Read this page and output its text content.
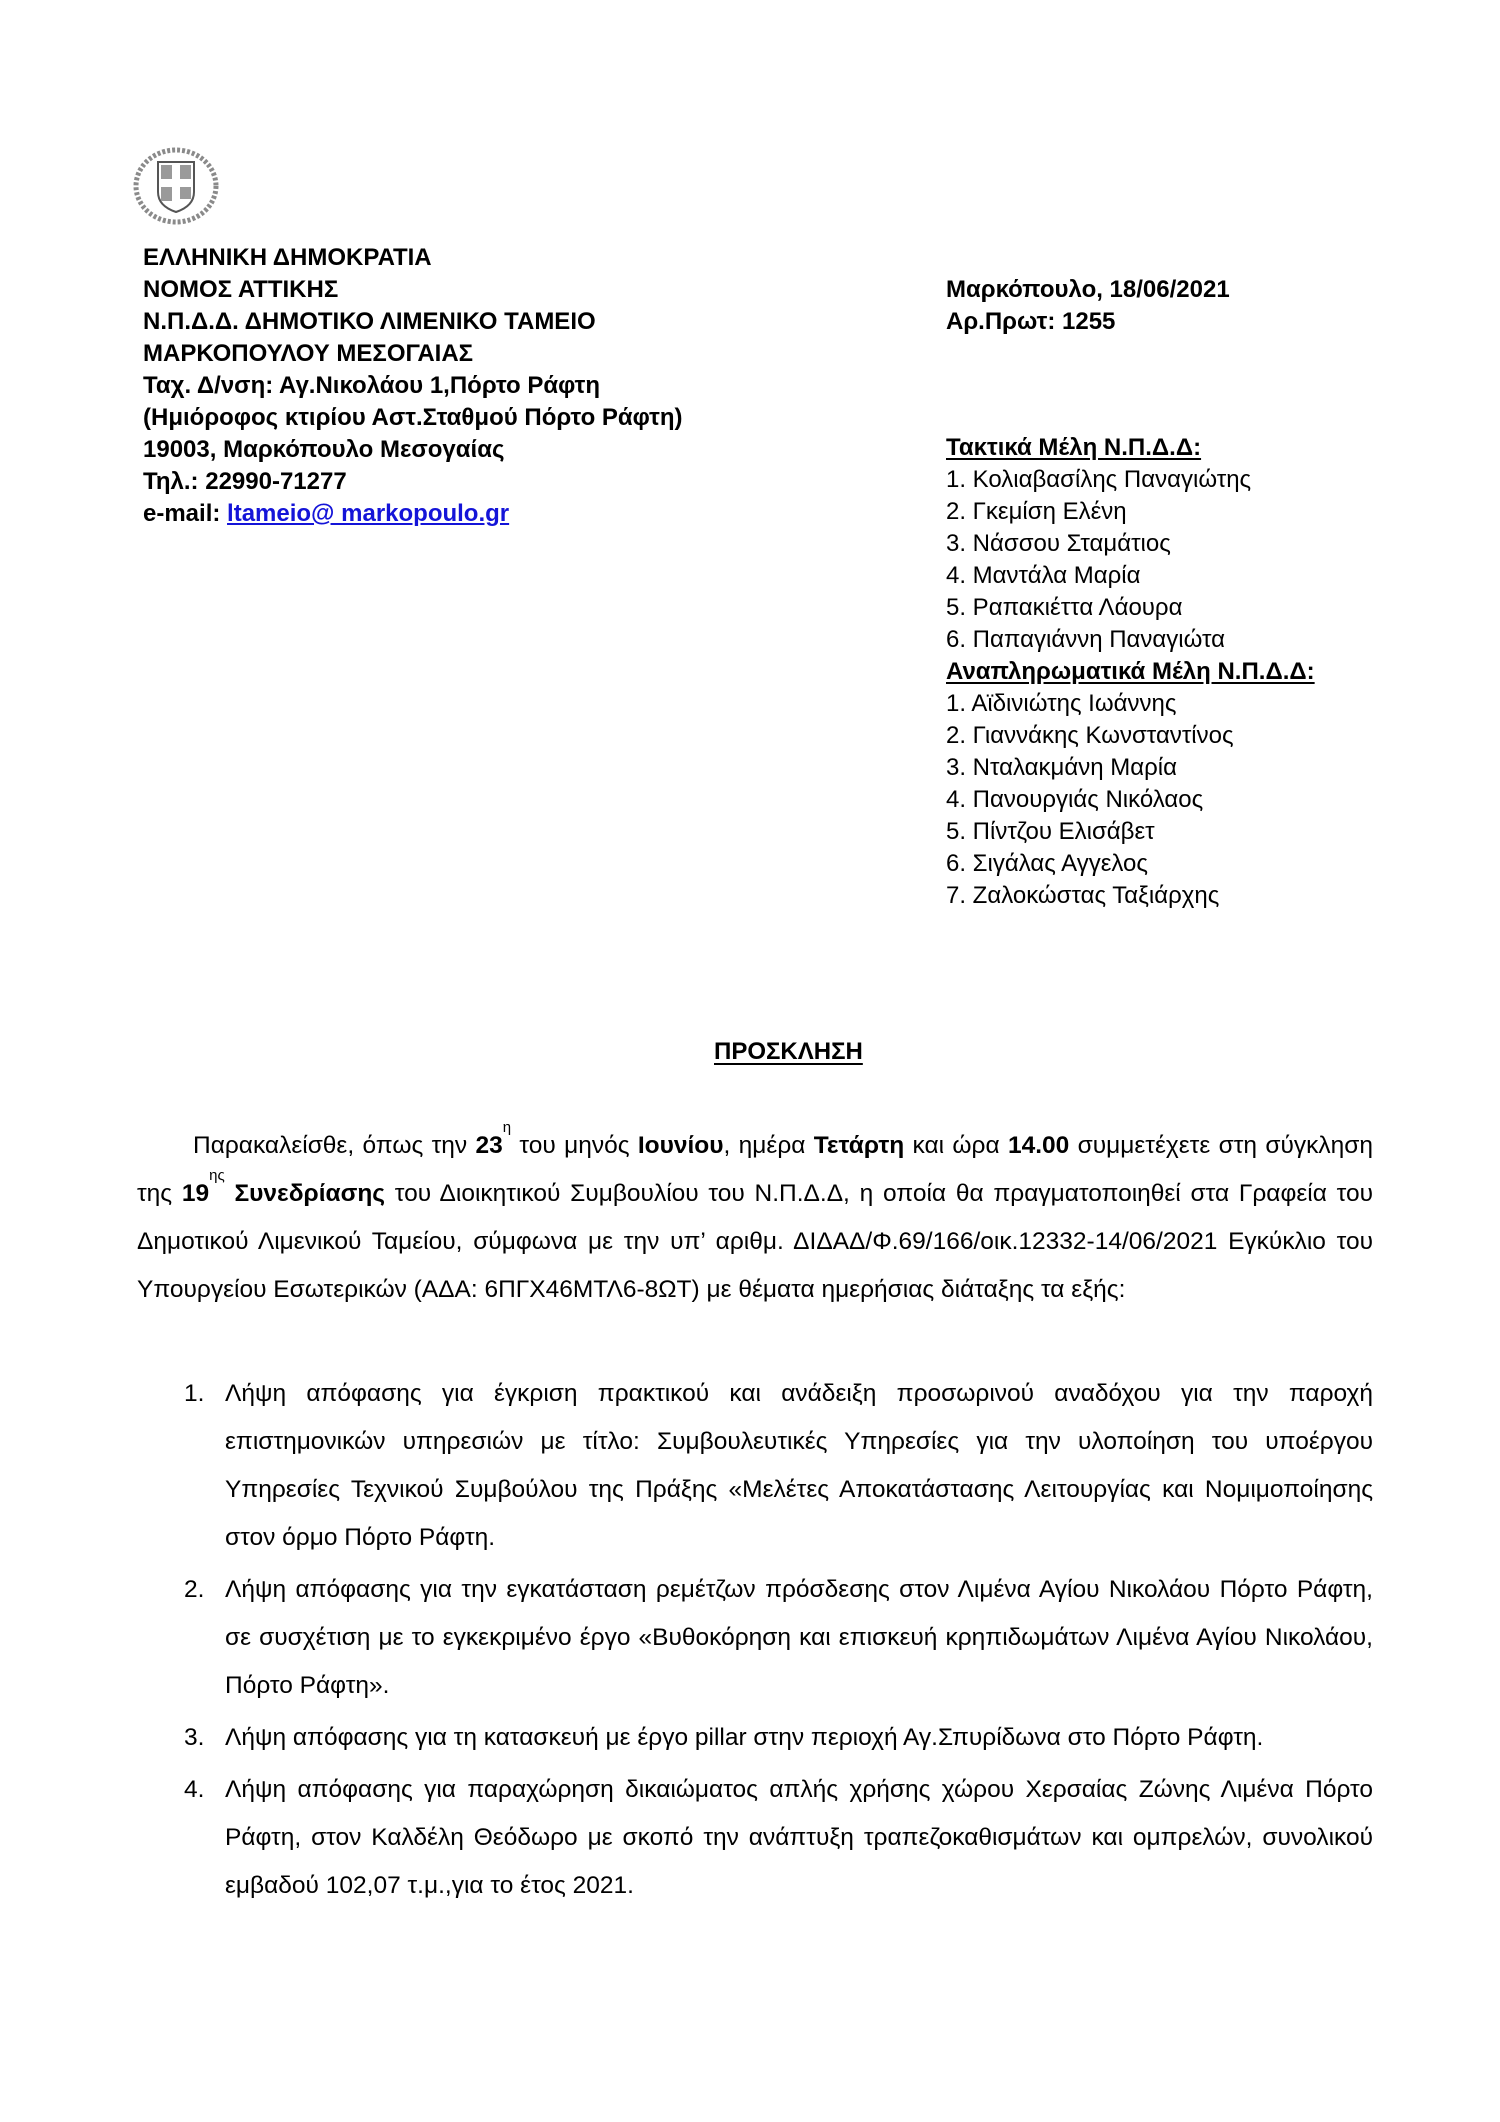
ΕΛΛΗΝΙΚΗ ΔΗΜΟΚΡΑΤΙΑ
ΝΟΜΟΣ ΑΤΤΙΚΗΣ
Ν.Π.Δ.Δ. ΔΗΜΟΤΙΚΟ ΛΙΜΕΝΙΚΟ ΤΑΜΕΙΟ
ΜΑΡΚΟΠΟΥΛΟΥ ΜΕΣΟΓΑΙΑΣ
Ταχ. Δ/νση: Αγ.Νικολάου 1,Πόρτο Ράφτη
(Ημιόροφος κτιρίου Αστ.Σταθμού Πόρτο Ράφτη)
19003, Μαρκόπουλο Μεσογαίας
Τηλ.: 22990-71277
e-mail: ltameio@ markopoulo.gr
Μαρκόπουλο, 18/06/2021
Αρ.Πρωτ: 1255
Τακτικά Μέλη Ν.Π.Δ.Δ:
1. Κολιαβασίλης Παναγιώτης
2. Γκεμίση Ελένη
3. Νάσσου Σταμάτιος
4. Μαντάλα Μαρία
5. Ραπακιέττα Λάουρα
6. Παπαγιάννη Παναγιώτα
Αναπληρωματικά Μέλη Ν.Π.Δ.Δ:
1. Αϊδινιώτης Ιωάννης
2. Γιαννάκης Κωνσταντίνος
3. Νταλακμάνη Μαρία
4. Πανουργιάς Νικόλαος
5. Πίντζου Ελισάβετ
6. Σιγάλας Αγγελος
7. Ζαλοκώστας Ταξιάρχης
ΠΡΟΣΚΛΗΣΗ
Παρακαλείσθε, όπως την $23^\eta$ του μηνός Ιουνίου, ημέρα Τετάρτη και ώρα 14.00 συμμετέχετε στη σύγκληση της $19^{\eta\varsigma}$ Συνεδρίασης του Διοικητικού Συμβουλίου του Ν.Π.Δ.Δ, η οποία θα πραγματοποιηθεί στα Γραφεία του Δημοτικού Λιμενικού Ταμείου, σύμφωνα με την υπ’ αριθμ. ΔΙΔΑΔ/Φ.69/166/οικ.12332-14/06/2021 Εγκύκλιο του Υπουργείου Εσωτερικών (ΑΔΑ: 6ΠΓΧ46ΜΤΛ6-8ΩΤ) με θέματα ημερήσιας διάταξης τα εξής:
1. Λήψη απόφασης για έγκριση πρακτικού και ανάδειξη προσωρινού αναδόχου για την παροχή επιστημονικών υπηρεσιών με τίτλο: Συμβουλευτικές Υπηρεσίες για την υλοποίηση του υποέργου Υπηρεσίες Τεχνικού Συμβούλου της Πράξης «Μελέτες Αποκατάστασης Λειτουργίας και Νομιμοποίησης στον όρμο Πόρτο Ράφτη.
2. Λήψη απόφασης για την εγκατάσταση ρεμέτζων πρόσδεσης στον Λιμένα Αγίου Νικολάου Πόρτο Ράφτη, σε συσχέτιση με το εγκεκριμένο έργο «Βυθοκόρηση και επισκευή κρηπιδωμάτων Λιμένα Αγίου Νικολάου, Πόρτο Ράφτη».
3. Λήψη απόφασης για τη κατασκευή με έργο pillar στην περιοχή Αγ.Σπυρίδωνα στο Πόρτο Ράφτη.
4. Λήψη απόφασης για παραχώρηση δικαιώματος απλής χρήσης χώρου Χερσαίας Ζώνης Λιμένα Πόρτο Ράφτη, στον Καλδέλη Θεόδωρο με σκοπό την ανάπτυξη τραπεζοκαθισμάτων και ομπρελών, συνολικού εμβαδού 102,07 τ.μ.,για το έτος 2021.
